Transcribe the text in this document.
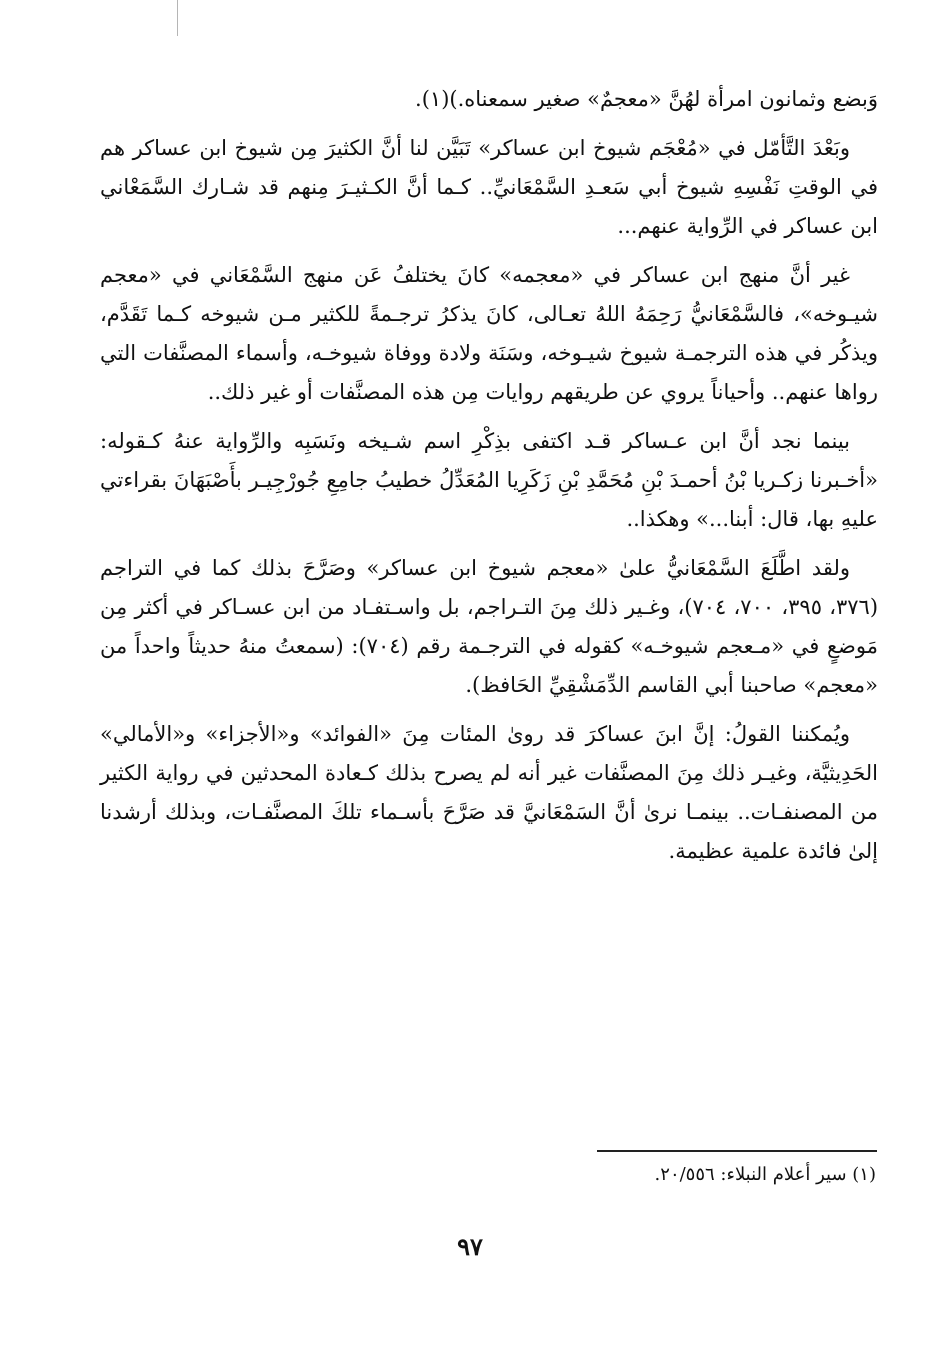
وَبضع وثمانون امرأة لهُنَّ «معجمٌ» صغير سمعناه.)(١).

وبَعْدَ التَّأمّل في «مُعْجَم شيوخ ابن عساكر» تَبَيَّن لنا أنَّ الكثيرَ مِن شيوخ ابن عساكر هم في الوقتِ نَفْسِهِ شيوخ أبي سَعـدِ السَّمْعَانيِّ.. كـما أنَّ الكـثيـرَ مِنهم قد شـارك السَّمَعْاني ابن عساكر في الرِّواية عنهم...

غير أنَّ منهج ابن عساكر في «معجمه» كانَ يختلفُ عَن منهج السَّمْعَاني في «معجم شيـوخه»، فالسَّمْعَانيُّ رَحِمَهُ اللهُ تعـالى، كانَ يذكرُ ترجـمةً للكثير مـن شيوخه كـما تَقَدَّم، ويذكُر في هذه الترجمـة شيوخ شيـوخه، وسَنَة ولادة ووفاة شيوخـه، وأسماء المصنَّفات التي رواها عنهم.. وأحياناً يروي عن طريقهم روايات مِن هذه المصنَّفات أو غير ذلك..

بينما نجد أنَّ ابن عـساكر قـد اكتفى بذِكْرِ اسم شـيخه ونَسَبِه والرِّواية عنهُ كـقوله: «أخـبرنا زكـريا بْنُ أحمـدَ بْنِ مُحَمَّدِ بْنِ زَكَرِيا المُعَدِّلُ خطيبُ جامِعِ جُورْجِيـر بأَصْبَهَانَ بقراءتي عليهِ بها، قال: أبنا...» وهكذا..

ولقد اطَّلَعَ السَّمْعَانيُّ علىٰ «معجم شيوخ ابن عساكر» وصَرَّحَ بذلك كما في التراجم (٣٧٦، ٣٩٥، ٧٠٠، ٧٠٤)، وغـير ذلك مِنَ التـراجم، بل واسـتفـاد من ابن عسـاكر في أكثر مِن مَوضعٍ في «مـعجم شيوخـه» كقوله في الترجـمة رقم (٧٠٤): (سمعتُ منهُ حديثاً واحداً من «معجم» صاحبنا أبي القاسم الدِّمَشْقِيِّ الحَافظ).

ويُمكننا القولُ: إنَّ ابنَ عساكرَ قد روىٰ المئات مِنَ «الفوائد» و«الأجزاء» و«الأمالي» الحَدِيثيَّة، وغيـر ذلك مِنَ المصنَّفات غير أنه لم يصرح بذلك كـعادة المحدثين في رواية الكثير من المصنفـات.. بينمـا نرىٰ أنَّ السَمْعَانيَّ قد صَرَّحَ بأسـماء تلكَ المصنَّفـات، وبذلك أرشدنا إلىٰ فائدة علمية عظيمة.

(١) سير أعلام النبلاء: ٢٠/٥٥٦.
٩٧
